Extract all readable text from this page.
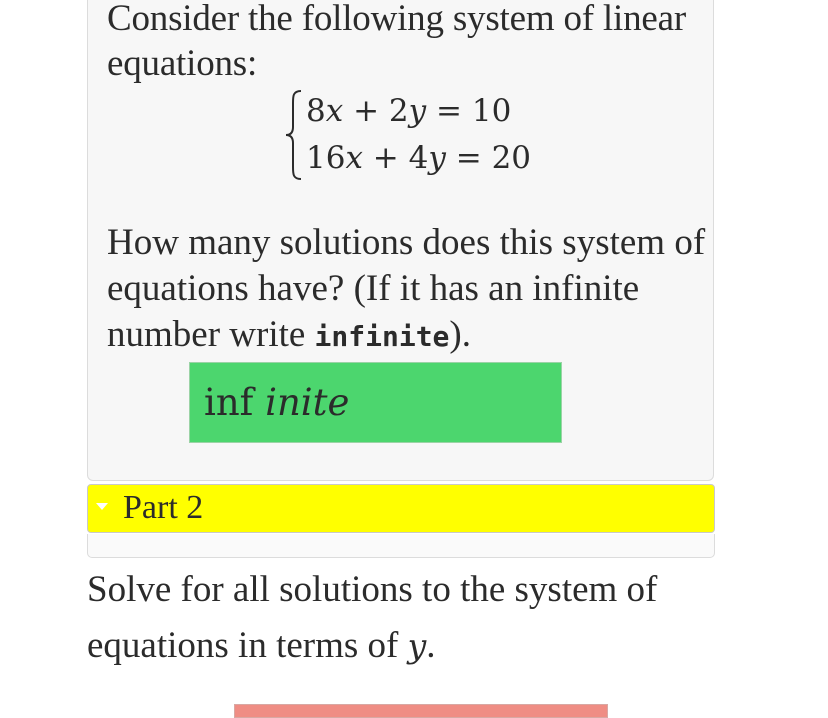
Consider the following system of linear equations:
8x + 2y = 10
16x + 4y = 20
How many solutions does this system of equations have? (If it has an infinite number write infinite).
inf inite
Part 2
Solve for all solutions to the system of equations in terms of y.
